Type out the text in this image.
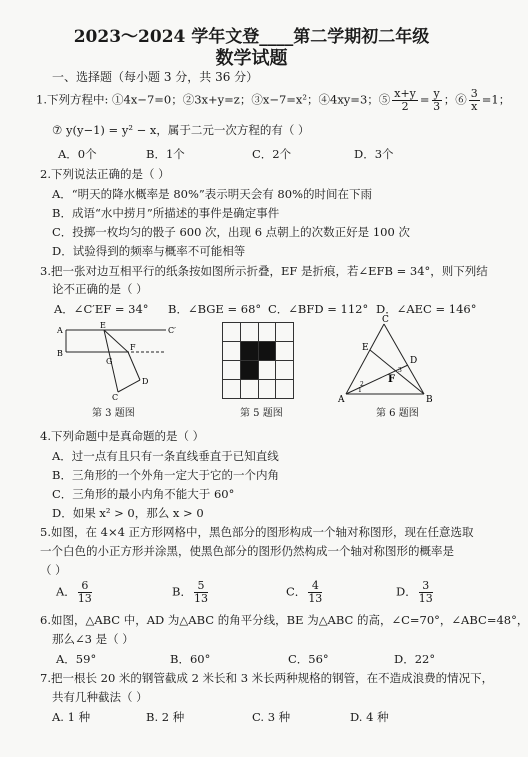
2023～2024 学年文登____第二学期初二年级
数学试题
一、选择题（每小题 3 分，共 36 分）
1.下列方程中: ①4x−7=0；②3x+y=z；③x−7=x²；④4xy=3；⑤ $\frac{x+y}{2} = \frac{y}{3}$ ；⑥ $\frac{3}{x} =1$；
⑦ y(y−1) = y² − x，属于二元一次方程的有（ ）
A．0个	B．1个	C．2个	D．3个
2.下列说法正确的是（ ）
A．“明天的降水概率是 80%”表示明天会有 80%的时间在下雨
B．成语“水中捞月”所描述的事件是确定事件
C．投掷一枚均匀的骰子 600 次，出现 6 点朝上的次数正好是 100 次
D．试验得到的频率与概率不可能相等
3.把一张对边互相平行的纸条按如图所示折叠，EF 是折痕，若∠EFB = 34°，则下列结
论不正确的是（ ）
A．∠C′EF = 34° B．∠BGE = 68° C．∠BFD = 112° D．∠AEC = 146°
A
E
C′
B
G
F
C
D
第 3 题图

				第 5 题图
C
E
D
F
A	B
1
2
3
第 6 题图
4.下列命题中是真命题的是（ ）
A．过一点有且只有一条直线垂直于已知直线
B．三角形的一个外角一定大于它的一个内角
C．三角形的最小内角不能大于 60°
D．如果 x² > 0，那么 x > 0
5.如图，在 4×4 正方形网格中，黑色部分的图形构成一个轴对称图形，现在任意选取
一个白色的小正方形并涂黑，使黑色部分的图形仍然构成一个轴对称图形的概率是
（ ）
A． $\frac{6}{13}$	B． $\frac{5}{13}$	C． $\frac{4}{13}$	D． $\frac{3}{13}$
6.如图，△ABC 中，AD 为△ABC 的角平分线，BE 为△ABC 的高，∠C=70°，∠ABC=48°，
那么∠3 是（ ）
A．59°	B．60°	C．56°	D．22°
7.把一根长 20 米的钢管截成 2 米长和 3 米长两种规格的钢管，在不造成浪费的情况下，
共有几种截法（ ）
A. 1 种	B. 2 种	C. 3 种	D. 4 种
